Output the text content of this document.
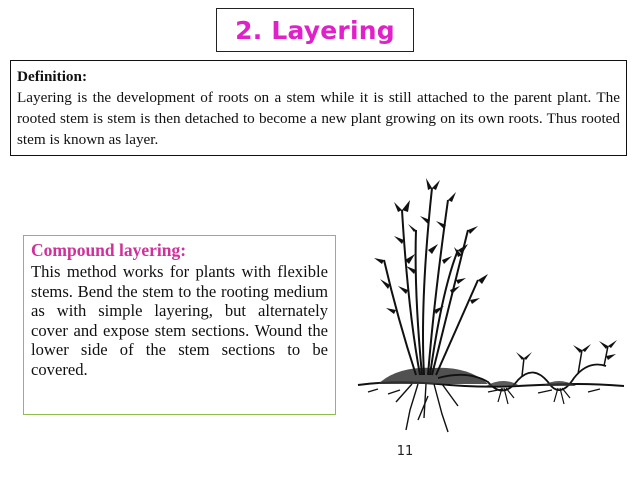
2. Layering
Definition:
Layering is the development of roots on a stem while it is still attached to the parent plant. The rooted stem is stem is then detached to become a new plant growing on its own roots. Thus rooted stem is known as layer.
Compound layering:
This method works for plants with flexible stems. Bend the stem to the rooting medium as with simple layering, but alternately cover and expose stem sections. Wound the lower side of the stem sections to be covered.
11
